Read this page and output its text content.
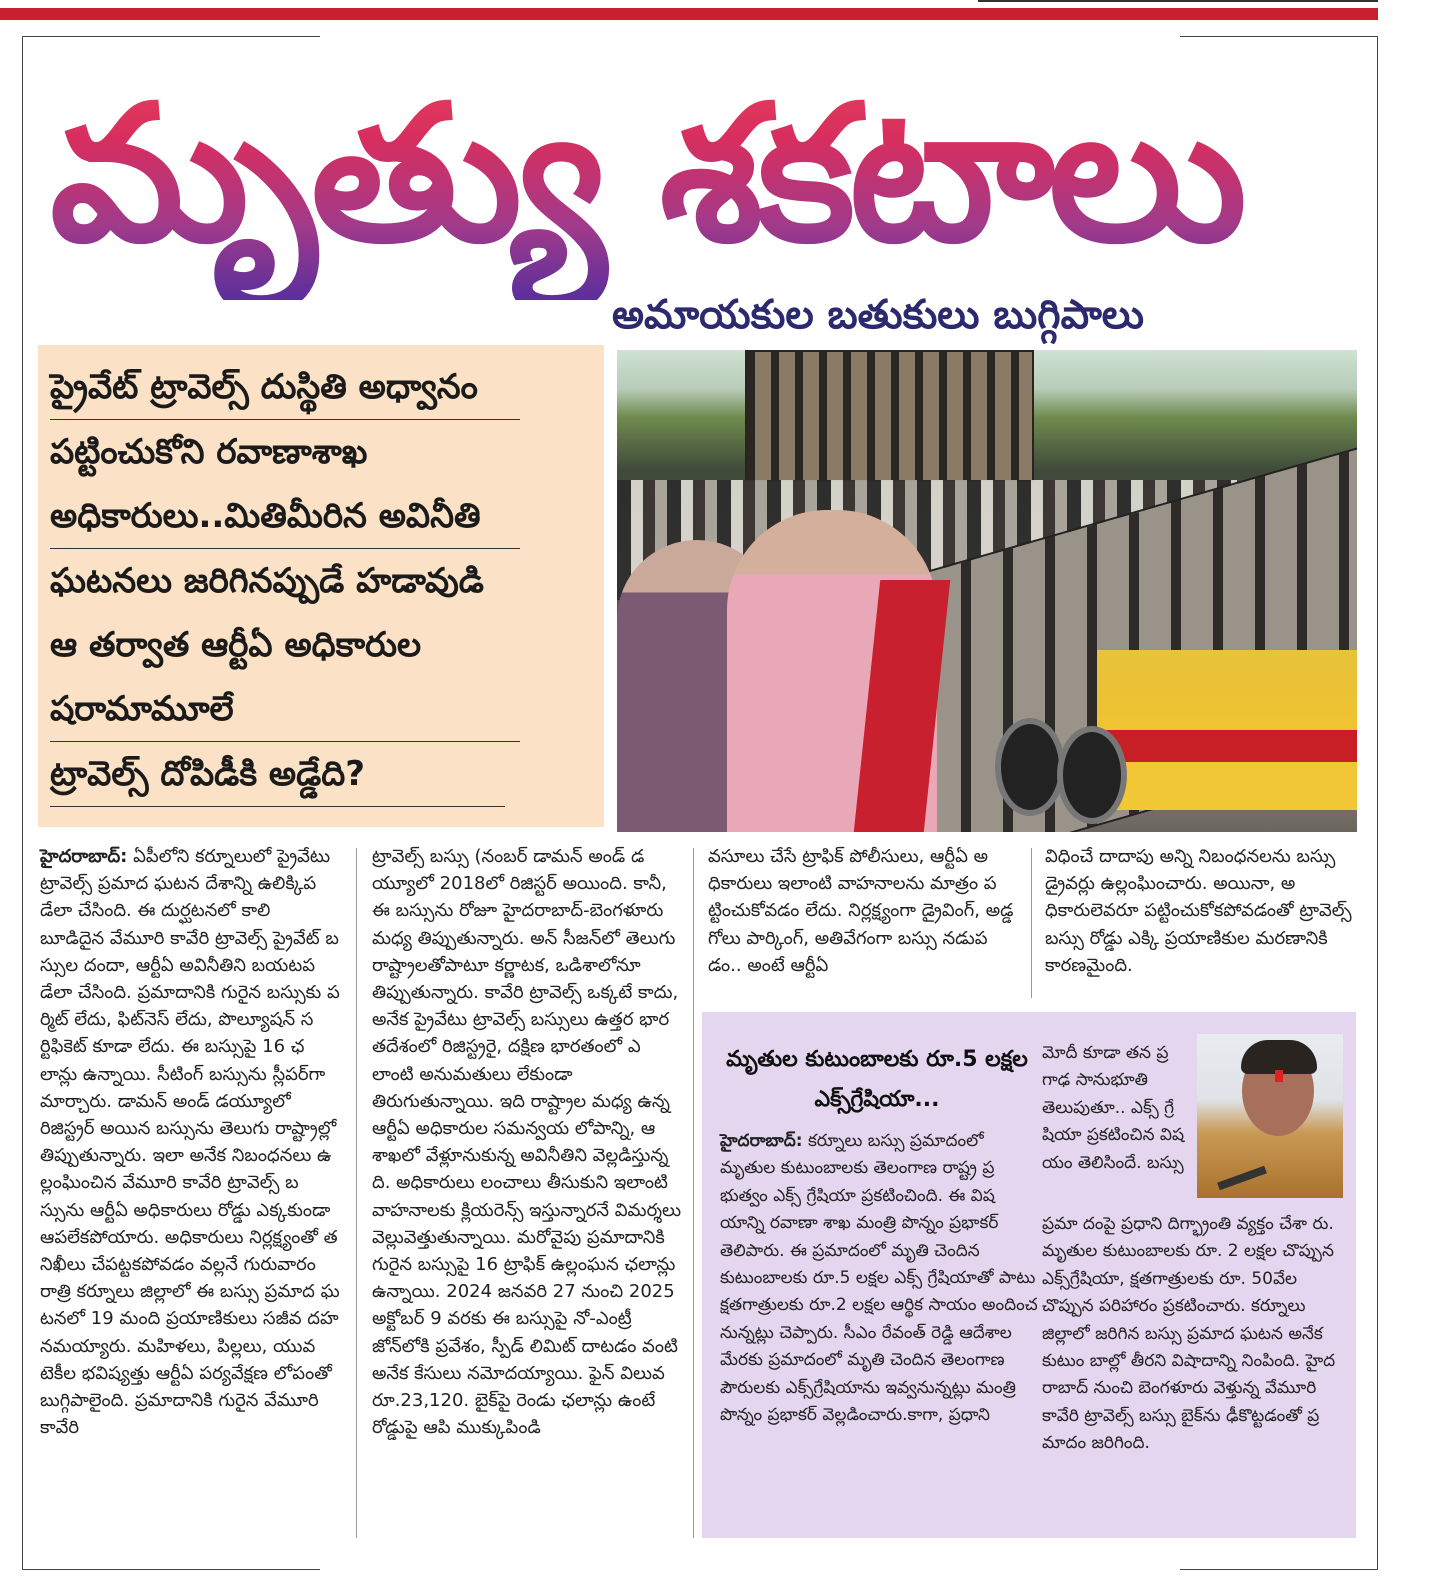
మృత్యు శకటాలు
అమాయకుల బతుకులు బుగ్గిపాలు
ప్రైవేట్ ట్రావెల్స్ దుస్థితి అధ్వానం
పట్టించుకోని రవాణాశాఖ
అధికారులు..మితిమీరిన అవినీతి
ఘటనలు జరిగినప్పుడే హడావుడి
ఆ తర్వాత ఆర్టీఏ అధికారుల
షరామామూలే
ట్రావెల్స్ దోపిడీకి అడ్డేది?

హైదరాబాద్: ఏపీలోని కర్నూలులో ప్రైవేటు ట్రావెల్స్ ప్రమాద ఘటన దేశాన్ని ఉలిక్కిపడేలా చేసింది. ఈ దుర్ఘటనలో కాలి బూడిదైన వేమూరి కావేరి ట్రావెల్స్ ప్రైవేట్ బస్సుల దందా, ఆర్టీఏ అవినీతిని బయటపడేలా చేసింది. ప్రమాదానికి గురైన బస్సుకు పర్మిట్ లేదు, ఫిట్‌నెస్ లేదు, పొల్యూషన్ సర్టిఫికెట్ కూడా లేదు. ఈ బస్సుపై 16 ఛలాన్లు ఉన్నాయి. సీటింగ్ బస్సును స్లీపర్‌గా మార్చారు. డామన్ అండ్ డయ్యూలో రిజిస్ట్రర్ అయిన బస్సును తెలుగు రాష్ట్రాల్లో తిప్పుతున్నారు. ఇలా అనేక నిబంధనలు ఉల్లంఘించిన వేమూరి కావేరి ట్రావెల్స్ బస్సును ఆర్టీఏ అధికారులు రోడ్డు ఎక్కకుండా ఆపలేకపోయారు. అధికారులు నిర్లక్ష్యంతో తనిఖీలు చేపట్టకపోవడం వల్లనే గురువారం రాత్రి కర్నూలు జిల్లాలో ఈ బస్సు ప్రమాద ఘటనలో 19 మంది ప్రయాణికులు సజీవ దహనమయ్యారు. మహిళలు, పిల్లలు, యువ టెకీల భవిష్యత్తు ఆర్టీఏ పర్యవేక్షణ లోపంతో బుగ్గిపాలైంది. ప్రమాదానికి గురైన వేమూరి కావేరి

ట్రావెల్స్ బస్సు (నంబర్ డామన్ అండ్ డయ్యూలో 2018లో రిజిస్టర్ అయింది. కానీ, ఈ బస్సును రోజూ హైదరాబాద్-బెంగళూరు మధ్య తిప్పుతున్నారు. అన్ సీజన్‌లో తెలుగు రాష్ట్రాలతోపాటూ కర్ణాటక, ఒడిశాలోనూ తిప్పుతున్నారు. కావేరి ట్రావెల్స్ ఒక్కటే కాదు, అనేక ప్రైవేటు ట్రావెల్స్ బస్సులు ఉత్తర భారతదేశంలో రిజిస్ట్రరై, దక్షిణ భారతంలో ఎలాంటి అనుమతులు లేకుండా తిరుగుతున్నాయి. ఇది రాష్ట్రాల మధ్య ఉన్న ఆర్టీఏ అధికారుల సమన్వయ లోపాన్ని, ఆ శాఖలో వేళ్లూనుకున్న అవినీతిని వెల్లడిస్తున్నది. అధికారులు లంచాలు తీసుకుని ఇలాంటి వాహనాలకు క్లియరెన్స్ ఇస్తున్నారనే విమర్శలు వెల్లువెత్తుతున్నాయి. మరోవైపు ప్రమాదానికి గురైన బస్సుపై 16 ట్రాఫిక్ ఉల్లంఘన ఛలాన్లు ఉన్నాయి. 2024 జనవరి 27 నుంచి 2025 అక్టోబర్ 9 వరకు ఈ బస్సుపై నో-ఎంట్రీ జోన్‌లోకి ప్రవేశం, స్పీడ్ లిమిట్ దాటడం వంటి అనేక కేసులు నమోదయ్యాయి. ఫైన్ విలువ రూ.23,120. బైక్‌పై రెండు ఛలాన్లు ఉంటే రోడ్డుపై ఆపి ముక్కుపిండి

వసూలు చేసే ట్రాఫిక్ పోలీసులు, ఆర్టీఏ అధికారులు ఇలాంటి వాహనాలను మాత్రం పట్టించుకోవడం లేదు. నిర్లక్ష్యంగా డ్రైవింగ్, అడ్డగోలు పార్కింగ్, అతివేగంగా బస్సు నడుపడం.. అంటే ఆర్టీఏ

విధించే దాదాపు అన్ని నిబంధనలను బస్సు డ్రైవర్లు ఉల్లంఘించారు. అయినా, అధికారులెవరూ పట్టించుకోకపోవడంతో ట్రావెల్స్ బస్సు రోడ్డు ఎక్కి ప్రయాణికుల మరణానికి కారణమైంది.

మృతుల కుటుంబాలకు రూ.5 లక్షల ఎక్స్‌గ్రేషియా...

హైదరాబాద్: కర్నూలు బస్సు ప్రమాదంలో మృతుల కుటుంబాలకు తెలంగాణ రాష్ట్ర ప్రభుత్వం ఎక్స్ గ్రేషియా ప్రకటించింది. ఈ విషయాన్ని రవాణా శాఖ మంత్రి పొన్నం ప్రభాకర్ తెలిపారు. ఈ ప్రమాదంలో మృతి చెందిన కుటుంబాలకు రూ.5 లక్షల ఎక్స్ గ్రేషియాతో పాటు క్షతగాత్రులకు రూ.2 లక్షల ఆర్థిక సాయం అందించనున్నట్లు చెప్పారు. సీఎం రేవంత్ రెడ్డి ఆదేశాల మేరకు ప్రమాదంలో మృతి చెందిన తెలంగాణ పౌరులకు ఎక్స్‌గ్రేషియాను ఇవ్వనున్నట్లు మంత్రి పొన్నం ప్రభాకర్ వెల్లడించారు.కాగా, ప్రధాని

మోదీ కూడా తన ప్రగాఢ సానుభూతి తెలుపుతూ.. ఎక్స్ గ్రే షియా ప్రకటించిన విషయం తెలిసిందే. బస్సు

ప్రమా దంపై ప్రధాని దిగ్భ్రాంతి వ్యక్తం చేశా రు. మృతుల కుటుంబాలకు రూ. 2 లక్షల చొప్పున ఎక్స్‌గ్రేషియా, క్షతగాత్రులకు రూ. 50వేల చొప్పున పరిహారం ప్రకటించారు. కర్నూలు జిల్లాలో జరిగిన బస్సు ప్రమాద ఘటన అనేక కుటుం బాల్లో తీరని విషాదాన్ని నింపింది. హైదరాబాద్ నుంచి బెంగళూరు వెళ్తున్న వేమూరి కావేరి ట్రావెల్స్ బస్సు బైక్‌ను ఢీకొట్టడంతో ప్రమాదం జరిగింది.
